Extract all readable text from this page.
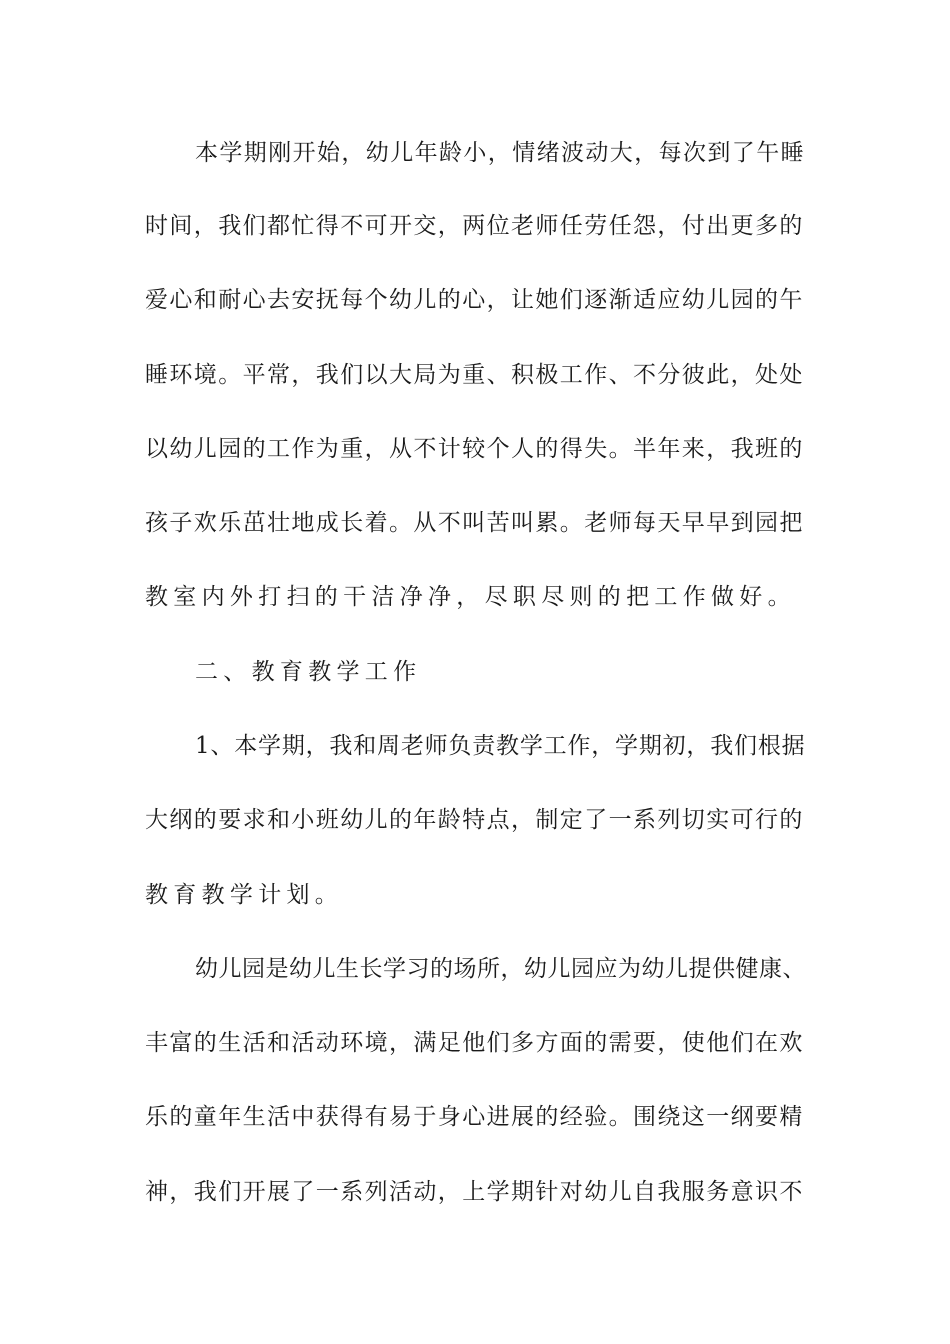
本学期刚开始，幼儿年龄小，情绪波动大，每次到了午睡
时间，我们都忙得不可开交，两位老师任劳任怨，付出更多的
爱心和耐心去安抚每个幼儿的心，让她们逐渐适应幼儿园的午
睡环境。平常，我们以大局为重、积极工作、不分彼此，处处
以幼儿园的工作为重，从不计较个人的得失。半年来，我班的
孩子欢乐茁壮地成长着。从不叫苦叫累。老师每天早早到园把
教室内外打扫的干洁净净，尽职尽则的把工作做好。
二、教育教学工作
1、本学期，我和周老师负责教学工作，学期初，我们根据
大纲的要求和小班幼儿的年龄特点，制定了一系列切实可行的
教育教学计划。
幼儿园是幼儿生长学习的场所，幼儿园应为幼儿提供健康、
丰富的生活和活动环境，满足他们多方面的需要，使他们在欢
乐的童年生活中获得有易于身心进展的经验。围绕这一纲要精
神，我们开展了一系列活动，上学期针对幼儿自我服务意识不
